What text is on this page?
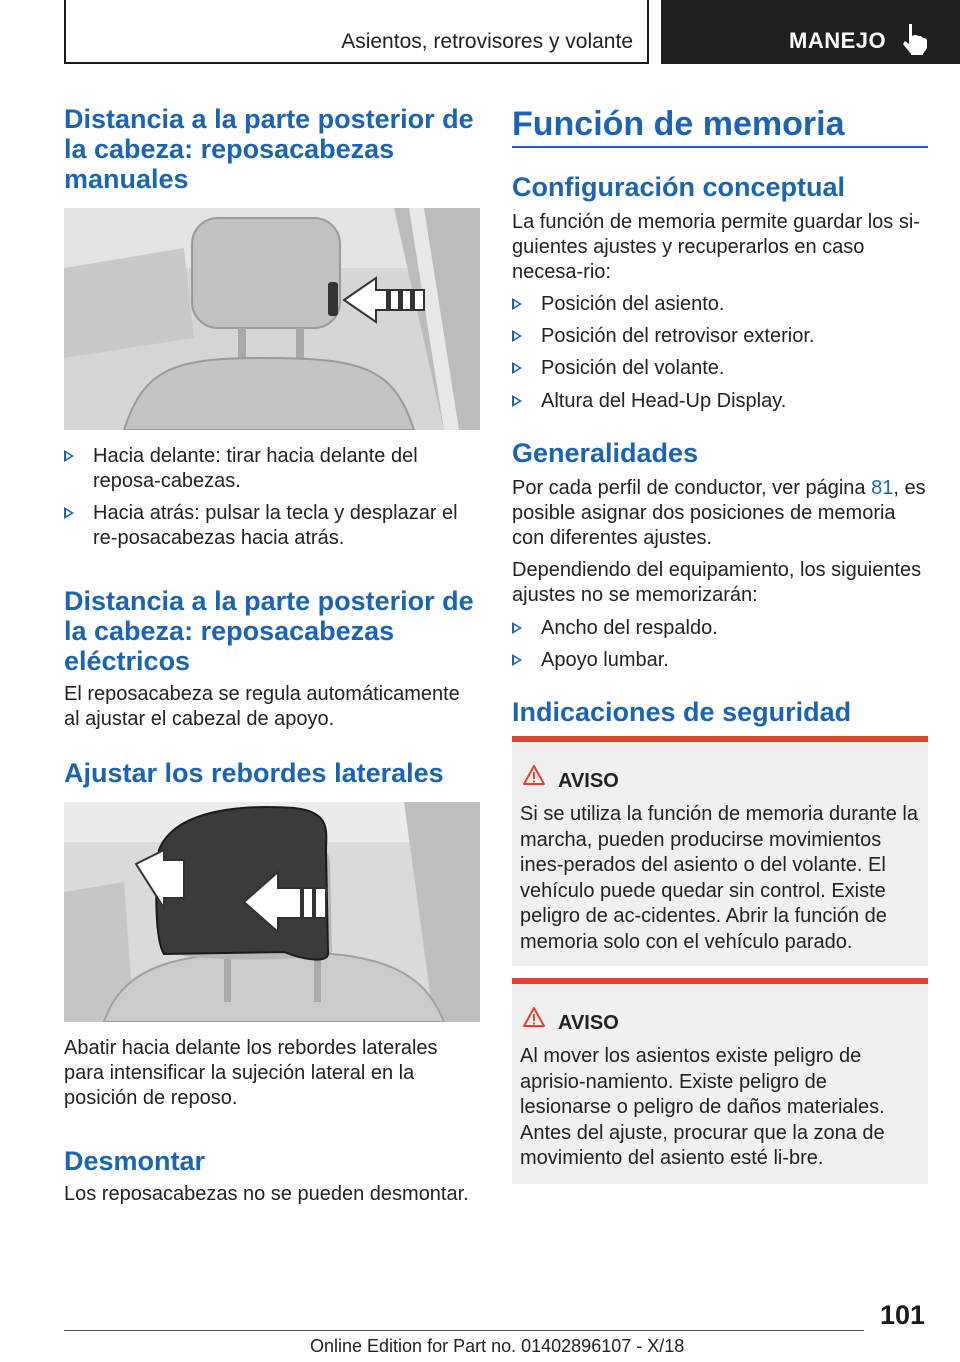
Asientos, retrovisores y volante	MANEJO
Distancia a la parte posterior de la cabeza: reposacabezas manuales
Hacia delante: tirar hacia delante del reposa-cabezas.
Hacia atrás: pulsar la tecla y desplazar el re-posacabezas hacia atrás.
Distancia a la parte posterior de la cabeza: reposacabezas eléctricos

El reposacabeza se regula automáticamente al ajustar el cabezal de apoyo.

Ajustar los rebordes laterales

Abatir hacia delante los rebordes laterales para intensificar la sujeción lateral en la posición de reposo.

Desmontar

Los reposacabezas no se pueden desmontar.

Función de memoria
Configuración conceptual

La función de memoria permite guardar los si-guientes ajustes y recuperarlos en caso necesa-rio:

Posición del asiento.
Posición del retrovisor exterior.
Posición del volante.
Altura del Head-Up Display.
Generalidades

Por cada perfil de conductor, ver página 81, es posible asignar dos posiciones de memoria con diferentes ajustes.

Dependiendo del equipamiento, los siguientes ajustes no se memorizarán:

Ancho del respaldo.
Apoyo lumbar.
Indicaciones de seguridad
AVISO

Si se utiliza la función de memoria durante la marcha, pueden producirse movimientos ines-perados del asiento o del volante. El vehículo puede quedar sin control. Existe peligro de ac-cidentes. Abrir la función de memoria solo con el vehículo parado.

AVISO

Al mover los asientos existe peligro de aprisio-namiento. Existe peligro de lesionarse o peligro de daños materiales. Antes del ajuste, procurar que la zona de movimiento del asiento esté li-bre.

101
Online Edition for Part no. 01402896107 - X/18
